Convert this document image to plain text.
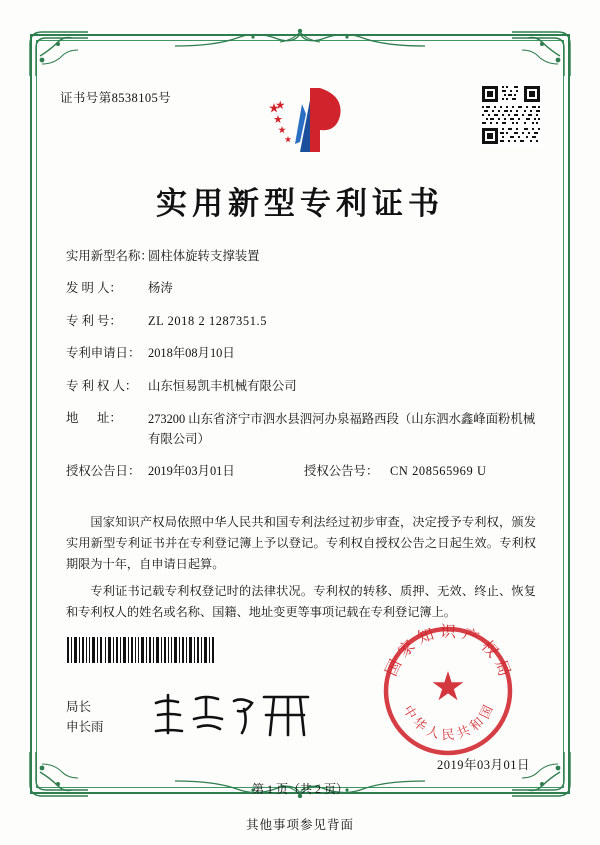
证书号第8538105号
实用新型专利证书
实用新型名称：
圆柱体旋转支撑装置
发 明 人：	杨涛
专 利 号：	ZL 2018 2 1287351.5
专利申请日： 2018年08月10日
专 利 权 人： 山东恒易凯丰机械有限公司
地      址：	273200 山东省济宁市泗水县泗河办泉福路西段（山东泗水鑫峰面粉机械有限公司）
授权公告日： 2019年03月01日	授权公告号： CN 208565969 U

国家知识产权局依照中华人民共和国专利法经过初步审查，决定授予专利权，颁发实用新型专利证书并在专利登记簿上予以登记。专利权自授权公告之日起生效。专利权期限为十年，自申请日起算。

专利证书记载专利权登记时的法律状况。专利权的转移、质押、无效、终止、恢复和专利权人的姓名或名称、国籍、地址变更等事项记载在专利登记簿上。

局长
申长雨
国家知识产权局
中华人民共和国
2019年03月01日
第 1 页（共 2 页）
其他事项参见背面
